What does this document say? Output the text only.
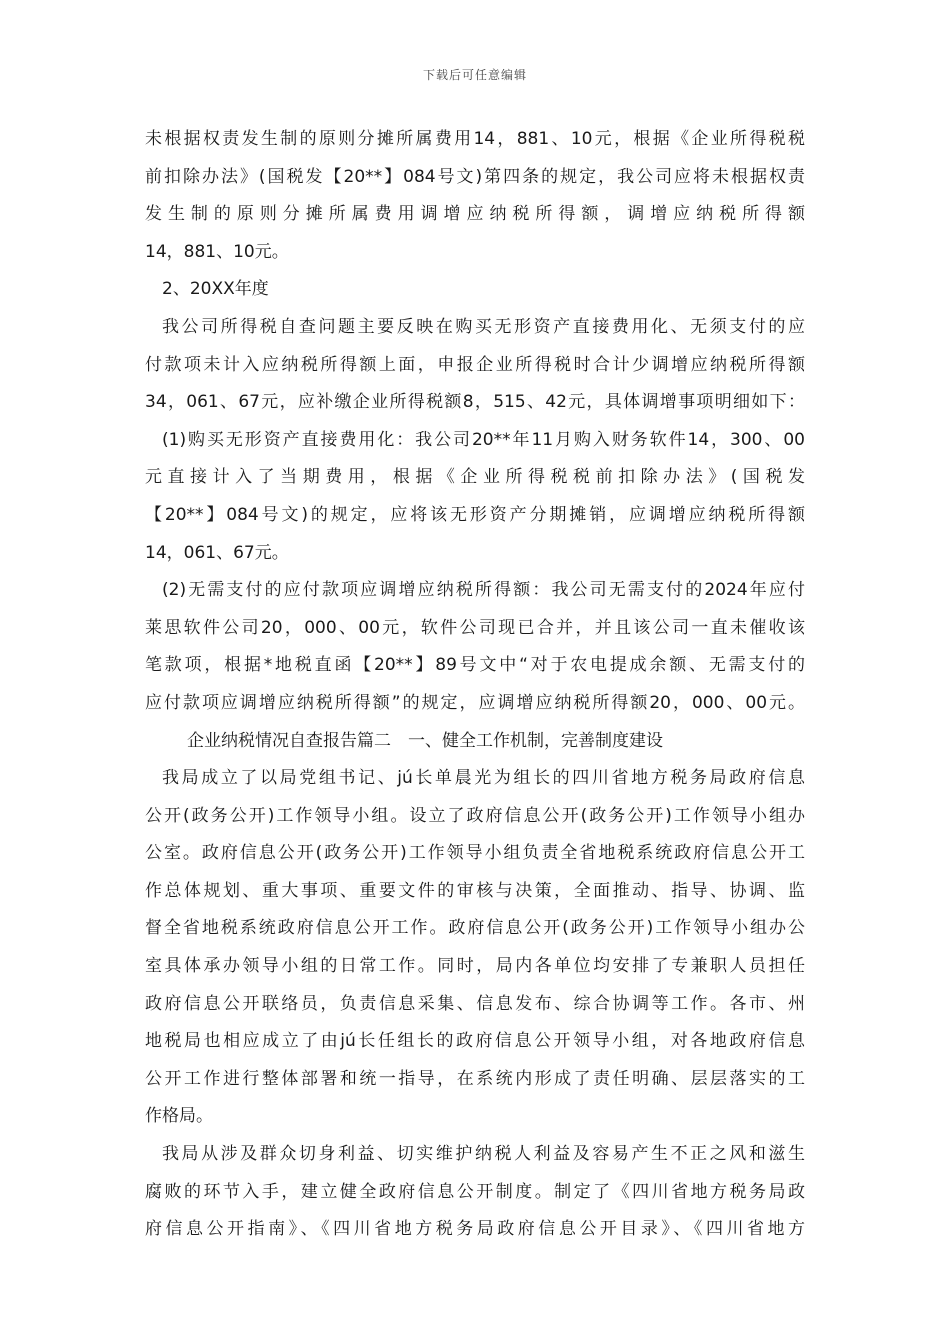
下载后可任意编辑
未根据权责发生制的原则分摊所属费用14，881、10元，根据《企业所得税税
前扣除办法》(国税发【20**】084号文)第四条的规定，我公司应将未根据权责
发生制的原则分摊所属费用调增应纳税所得额，调增应纳税所得额
14，881、10元。
2、20XX年度
我公司所得税自查问题主要反映在购买无形资产直接费用化、无须支付的应
付款项未计入应纳税所得额上面，申报企业所得税时合计少调增应纳税所得额
34，061、67元，应补缴企业所得税额8，515、42元，具体调增事项明细如下：
(1)购买无形资产直接费用化：我公司20**年11月购入财务软件14，300、00
元直接计入了当期费用，根据《企业所得税税前扣除办法》(国税发
【20**】084号文)的规定，应将该无形资产分期摊销，应调增应纳税所得额
14，061、67元。
(2)无需支付的应付款项应调增应纳税所得额：我公司无需支付的2024年应付
莱思软件公司20，000、00元，软件公司现已合并，并且该公司一直未催收该
笔款项，根据*地税直函【20**】89号文中“对于农电提成余额、无需支付的
应付款项应调增应纳税所得额”的规定，应调增应纳税所得额20，000、00元。
企业纳税情况自查报告篇二　一、健全工作机制，完善制度建设
我局成立了以局党组书记、jú长单晨光为组长的四川省地方税务局政府信息
公开(政务公开)工作领导小组。设立了政府信息公开(政务公开)工作领导小组办
公室。政府信息公开(政务公开)工作领导小组负责全省地税系统政府信息公开工
作总体规划、重大事项、重要文件的审核与决策，全面推动、指导、协调、监
督全省地税系统政府信息公开工作。政府信息公开(政务公开)工作领导小组办公
室具体承办领导小组的日常工作。同时，局内各单位均安排了专兼职人员担任
政府信息公开联络员，负责信息采集、信息发布、综合协调等工作。各市、州
地税局也相应成立了由jú长任组长的政府信息公开领导小组，对各地政府信息
公开工作进行整体部署和统一指导，在系统内形成了责任明确、层层落实的工
作格局。
我局从涉及群众切身利益、切实维护纳税人利益及容易产生不正之风和滋生
腐败的环节入手，建立健全政府信息公开制度。制定了《四川省地方税务局政
府信息公开指南》、《四川省地方税务局政府信息公开目录》、《四川省地方
